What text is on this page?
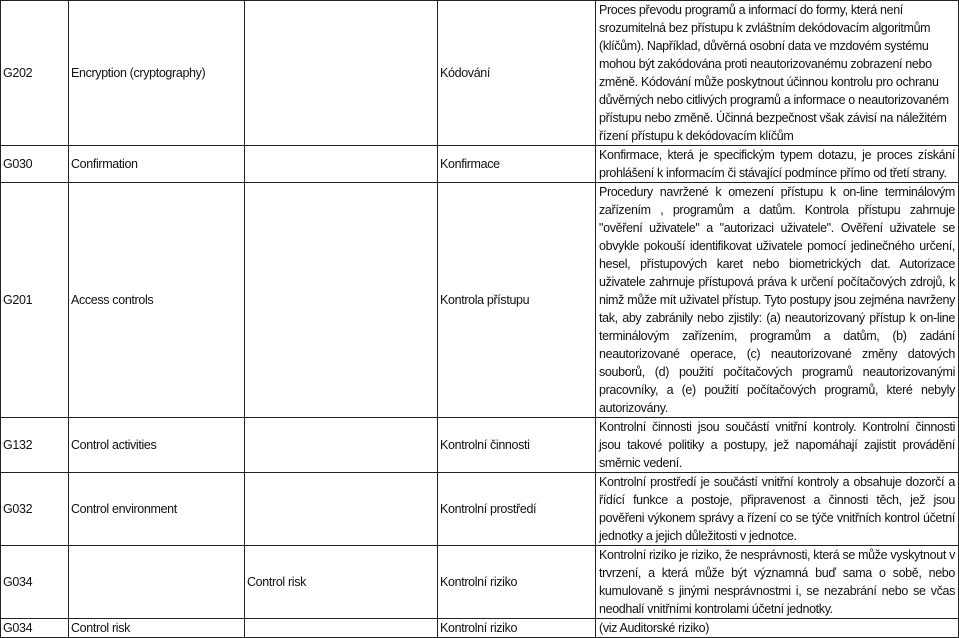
G202	Encryption (cryptography)		Kódování	Proces převodu programů a informací do formy, která není srozumitelná bez přístupu k zvláštním dekódovacím algoritmům (klíčům). Například, důvěrná osobní data ve mzdovém systému mohou být zakódována proti neautorizovanému zobrazení nebo změně. Kódování může poskytnout účinnou kontrolu pro ochranu důvěrných nebo citlivých programů a informace o neautorizovaném přístupu nebo změně. Účinná bezpečnost však závisí na náležitém řízení přístupu k dekódovacím klíčům
G030	Confirmation		Konfirmace	Konfirmace, která je specifickým typem dotazu, je proces získání prohlášení k informacím či stávající podmínce přímo od třetí strany.
G201	Access controls		Kontrola přístupu	Procedury navržené k omezení přístupu k on-line terminálovým zařízením , programům a datům. Kontrola přístupu zahrnuje "ověření uživatele" a "autorizaci uživatele". Ověření uživatele se obvykle pokouší identifikovat uživatele pomocí jedinečného určení, hesel, přístupových karet nebo biometrických dat. Autorizace uživatele zahrnuje přístupová práva k určení počítačových zdrojů, k nimž může mít uživatel přístup. Tyto postupy jsou zejména navrženy tak, aby zabránily nebo zjistily: (a) neautorizovaný přístup k on-line terminálovým zařízením, programům a datům, (b) zadání neautorizované operace, (c) neautorizované změny datových souborů, (d) použití počítačových programů neautorizovanými pracovníky, a (e) použití počítačových programů, které nebyly autorizovány.
G132	Control activities		Kontrolní činnosti	Kontrolní činnosti jsou součástí vnitřní kontroly. Kontrolní činnosti jsou takové politiky a postupy, jež napomáhají zajistit provádění směrnic vedení.
G032	Control environment		Kontrolní prostředí	Kontrolní prostředí je součástí vnitřní kontroly a obsahuje dozorčí a řídící funkce a postoje, připravenost a činnosti těch, jež jsou pověřeni výkonem správy a řízení co se týče vnitřních kontrol účetní jednotky a jejich důležitosti v jednotce.
G034		Control risk	Kontrolní riziko	Kontrolní riziko je riziko, že nesprávnosti, která se může vyskytnout v trvrzení, a která může být významná buď sama o sobě, nebo kumulovaně s jinými nesprávnostmi i, se nezabrání nebo se včas neodhalí vnitřními kontrolami účetní jednotky.
G034	Control risk		Kontrolní riziko	(viz Auditorské riziko)
